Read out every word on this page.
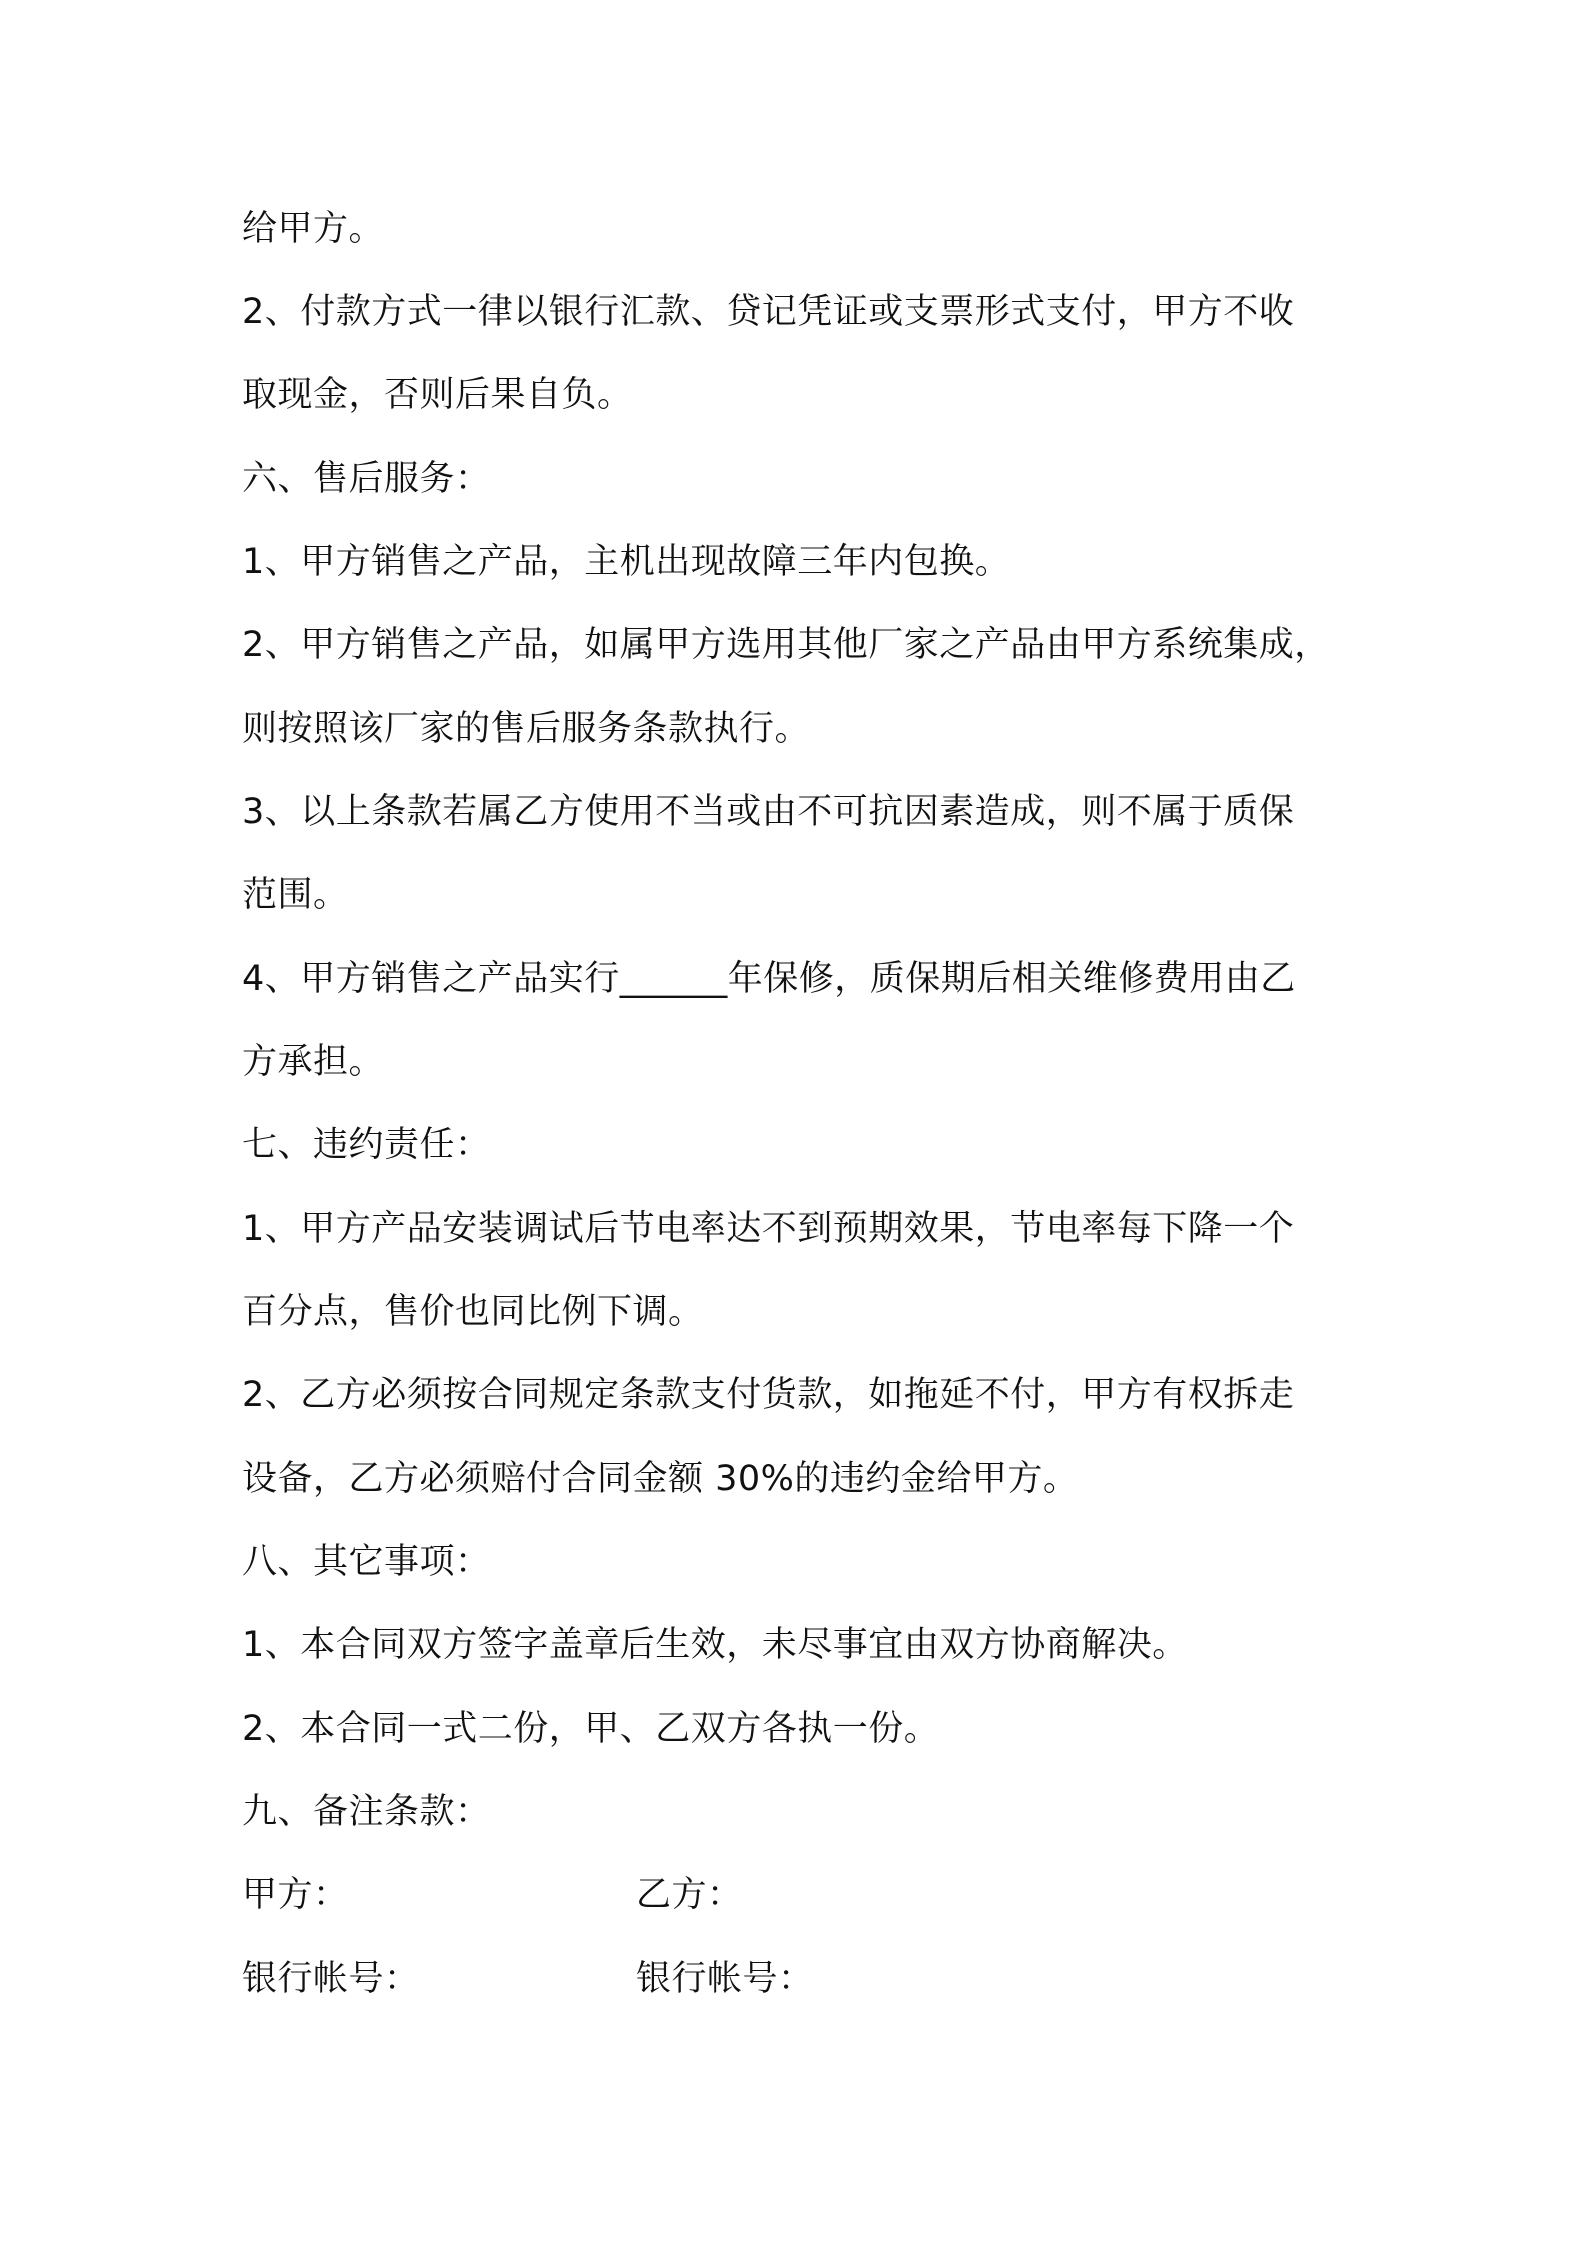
给甲方。
2、付款方式一律以银行汇款、贷记凭证或支票形式支付，甲方不收
取现金，否则后果自负。
六、售后服务：
1、甲方销售之产品，主机出现故障三年内包换。
2、甲方销售之产品，如属甲方选用其他厂家之产品由甲方系统集成，
则按照该厂家的售后服务条款执行。
3、以上条款若属乙方使用不当或由不可抗因素造成，则不属于质保
范围。
4、甲方销售之产品实行______年保修，质保期后相关维修费用由乙
方承担。
七、违约责任：
1、甲方产品安装调试后节电率达不到预期效果，节电率每下降一个
百分点，售价也同比例下调。
2、乙方必须按合同规定条款支付货款，如拖延不付，甲方有权拆走
设备，乙方必须赔付合同金额 30%的违约金给甲方。
八、其它事项：
1、本合同双方签字盖章后生效，未尽事宜由双方协商解决。
2、本合同一式二份，甲、乙双方各执一份。
九、备注条款：
甲方：	乙方：
银行帐号：	银行帐号：
